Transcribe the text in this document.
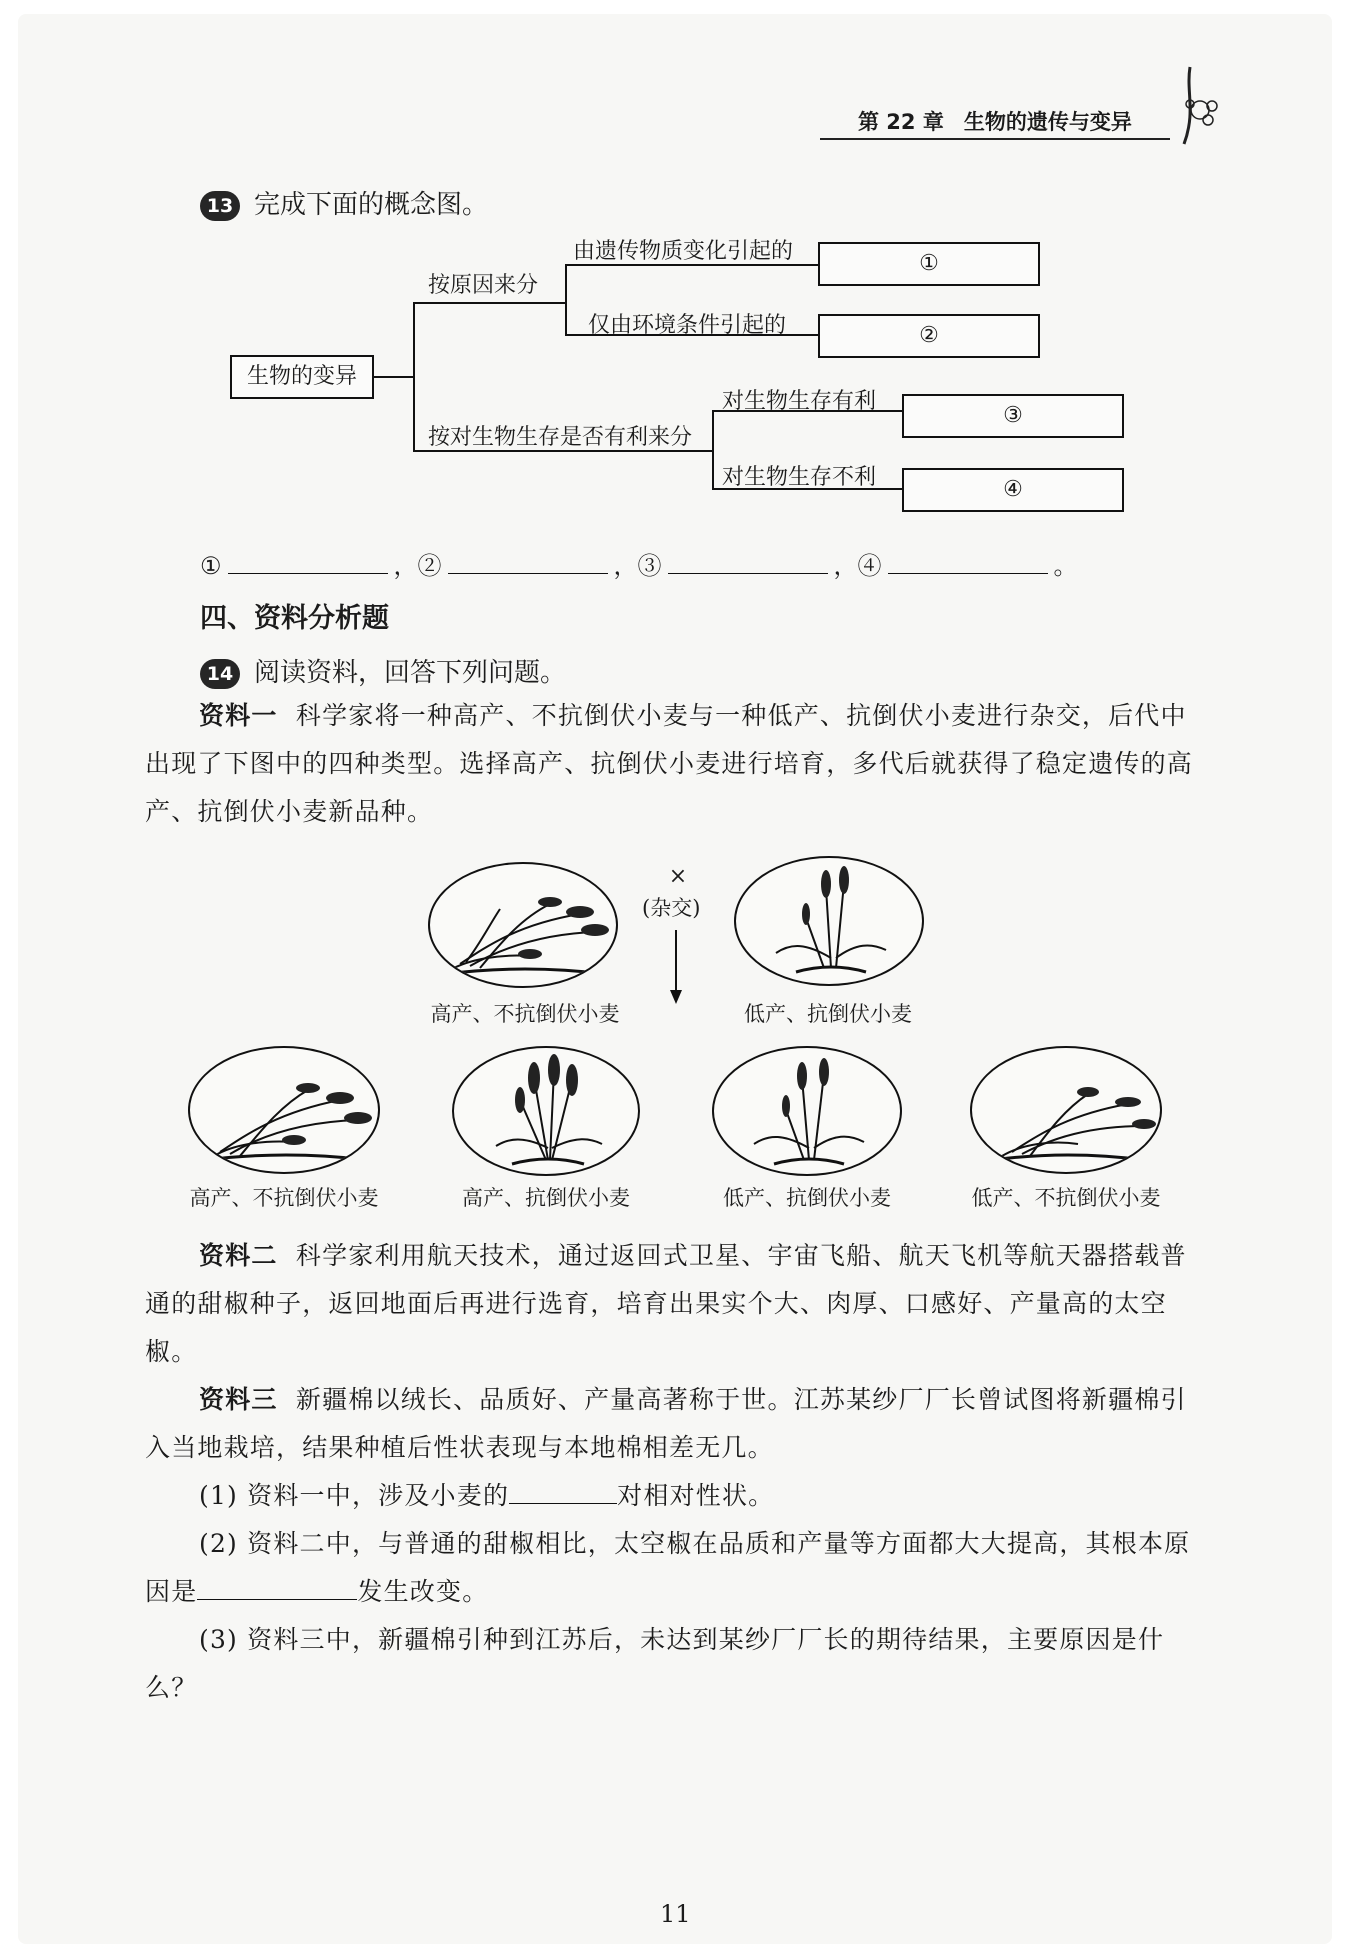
第 22 章 生物的遗传与变异
13 完成下面的概念图。
生物的变异
按原因来分
按对生物生存是否有利来分
由遗传物质变化引起的
仅由环境条件引起的
对生物生存有利
对生物生存不利
①
②
③
④
①	，②	，③	，④	。
四、资料分析题
14 阅读资料，回答下列问题。
资料一 科学家将一种高产、不抗倒伏小麦与一种低产、抗倒伏小麦进行杂交，后代中出现了下图中的四种类型。选择高产、抗倒伏小麦进行培育，多代后就获得了稳定遗传的高产、抗倒伏小麦新品种。
高产、不抗倒伏小麦
×
(杂交)
低产、抗倒伏小麦
高产、不抗倒伏小麦	高产、抗倒伏小麦	低产、抗倒伏小麦	低产、不抗倒伏小麦
资料二 科学家利用航天技术，通过返回式卫星、宇宙飞船、航天飞机等航天器搭载普通的甜椒种子，返回地面后再进行选育，培育出果实个大、肉厚、口感好、产量高的太空椒。
资料三 新疆棉以绒长、品质好、产量高著称于世。江苏某纱厂厂长曾试图将新疆棉引入当地栽培，结果种植后性状表现与本地棉相差无几。
(1) 资料一中，涉及小麦的	对相对性状。
(2) 资料二中，与普通的甜椒相比，太空椒在品质和产量等方面都大大提高，其根本原因是	发生改变。
(3) 资料三中，新疆棉引种到江苏后，未达到某纱厂厂长的期待结果，主要原因是什么？
11
